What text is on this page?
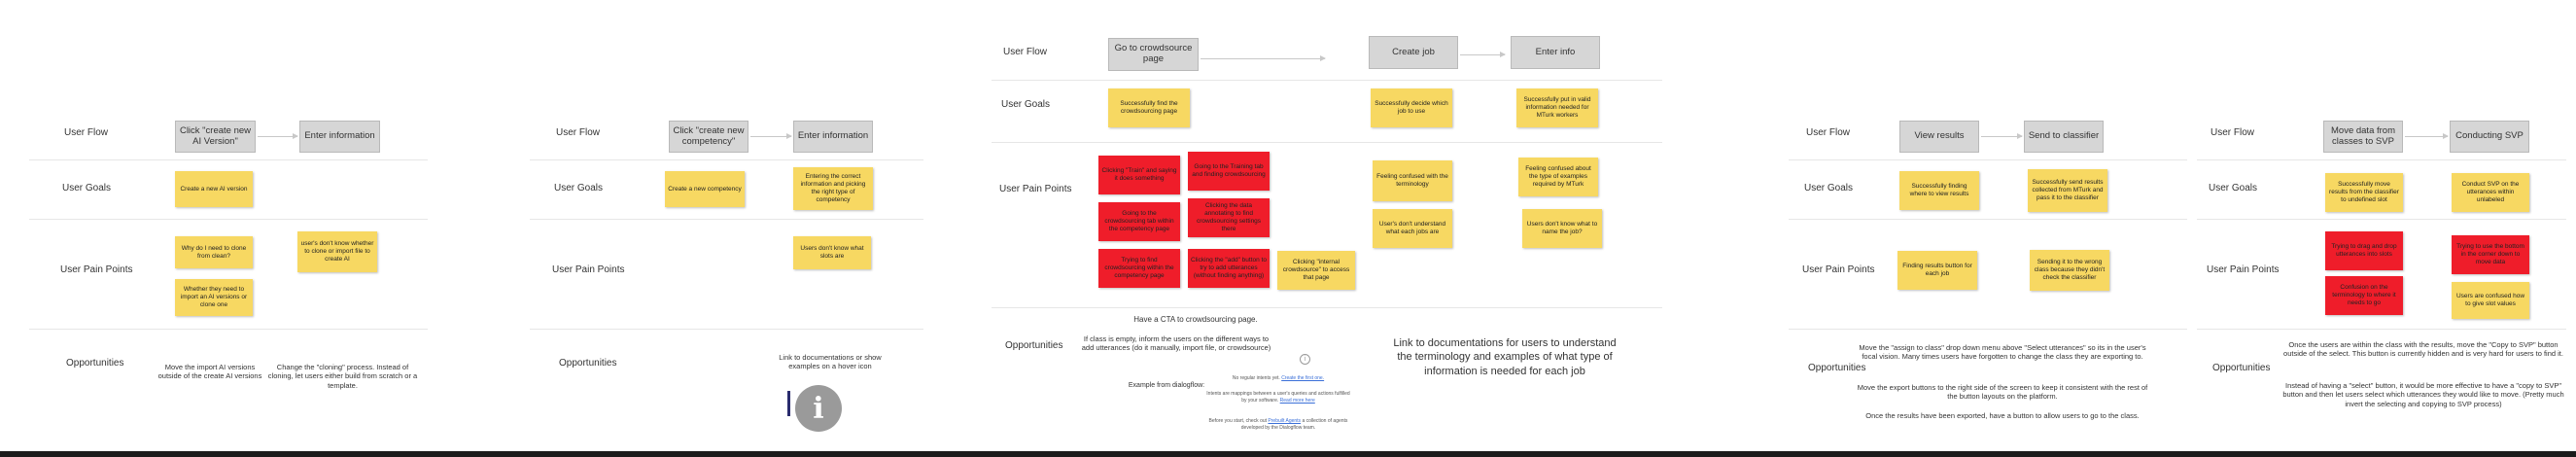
User Flow
User Goals
User Pain Points
Opportunities
Click "create new AI Version"	Enter information
Create a new AI version
user's don't know whether to clone or import file to create AI
Why do I need to clone from clean?
Whether they need to import an AI versions or clone one
Move the import AI versions outside of the create AI versions
Change the "cloning" process. Instead of cloning, let users either build from scratch or a template.
User Flow
User Goals
User Pain Points
Opportunities
Click "create new competency"	Enter information
Create a new competency
Entering the correct information and picking the right type of competency
Users don't know what slots are
Link to documentations or show examples on a hover icon
i
User Flow
User Goals
User Pain Points
Opportunities
Go to crowdsource page
Create job	Enter info
Successfully find the crowdsourcing page
Successfully decide which job to use
Successfully put in valid information needed for MTurk workers
Clicking "Train" and saying it does something
Going to the Training tab and finding crowdsourcing
Going to the crowdsourcing tab within the competency page
Clicking the data annotating to find crowdsourcing settings there
Trying to find crowdsourcing within the competency page
Clicking the "add" button to try to add utterances (without finding anything)
Clicking "internal crowdsource" to access that page
Feeling confused with the terminology
User's don't understand what each jobs are
Feeling confused about the type of examples required by MTurk
Users don't know what to name the job?
Have a CTA to crowdsourcing page.
If class is empty, inform the users on the different ways to add utterances (do it manually, import file, or crowdsource)
i
Link to documentations for users to understand the terminology and examples of what type of information is needed for each job
Example from dialogflow:
No regular intents yet. Create the first one.
Intents are mappings between a user's queries and actions fulfilled by your software. Read more here
Before you start, check out Prebuilt Agents a collection of agents developed by the Dialogflow team.
User Flow
User Goals
User Pain Points
Opportunities
View results	Send to classifier
Successfully finding where to view results
Successfully send results collected from MTurk and pass it to the classifier
Finding results button for each job
Sending it to the wrong class because they didn't check the classifier
Move the "assign to class" drop down menu above "Select utterances" so its in the user's focal vision. Many times users have forgotten to change the class they are exporting to.
Move the export buttons to the right side of the screen to keep it consistent with the rest of the button layouts on the platform.
Once the results have been exported, have a button to allow users to go to the class.
User Flow
User Goals
User Pain Points
Opportunities
Move data from classes to SVP	Conducting SVP
Successfully move results from the classifier to undefined slot
Conduct SVP on the utterances within unlabeled
Trying to drag and drop utterances into slots
Trying to use the bottom in the corner down to move data
Confusion on the terminology to where it needs to go
Users are confused how to give slot values
Once the users are within the class with the results, move the "Copy to SVP" button outside of the select. This button is currently hidden and is very hard for users to find it.
Instead of having a "select" button, it would be more effective to have a "copy to SVP" button and then let users select which utterances they would like to move. (Pretty much invert the selecting and copying to SVP process)
